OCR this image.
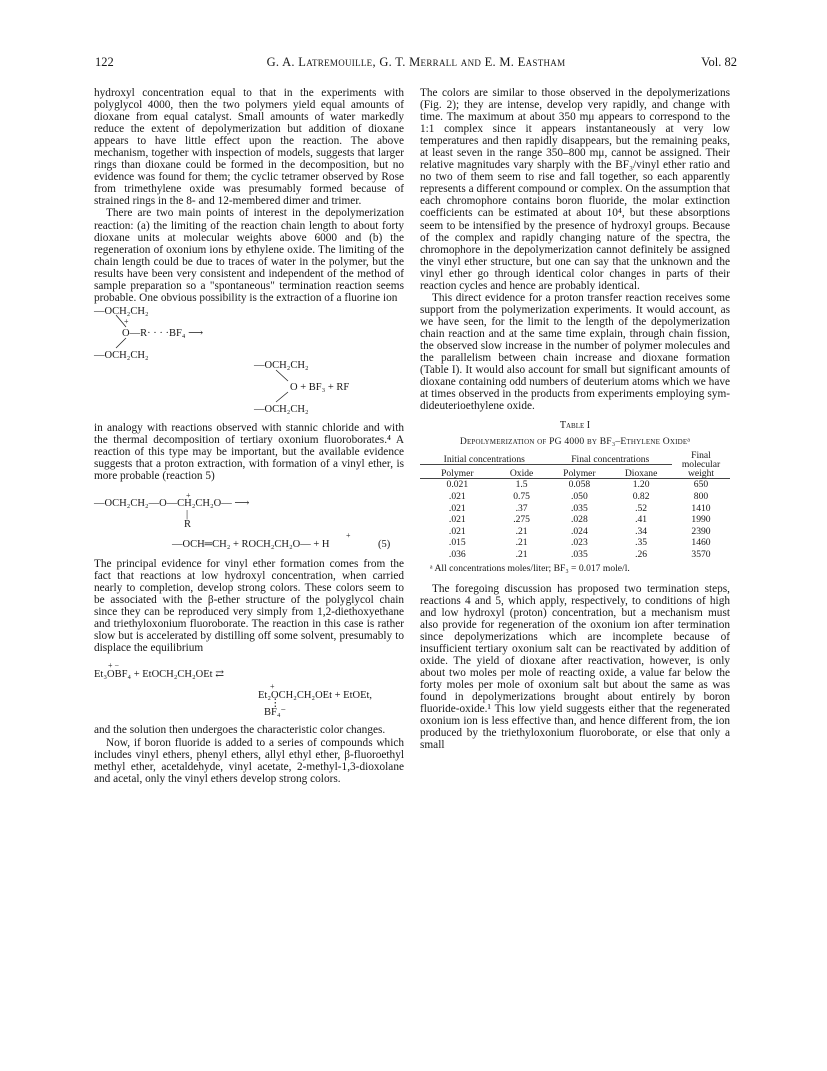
122	G. A. Latremouille, G. T. Merrall and E. M. Eastham	Vol. 82

hydroxyl concentration equal to that in the experiments with polyglycol 4000, then the two polymers yield equal amounts of dioxane from equal catalyst. Small amounts of water markedly reduce the extent of depolymerization but addition of dioxane appears to have little effect upon the reaction. The above mechanism, together with inspection of models, suggests that larger rings than dioxane could be formed in the decomposition, but no evidence was found for them; the cyclic tetramer observed by Rose from trimethylene oxide was presumably formed because of strained rings in the 8- and 12-membered dimer and trimer.

There are two main points of interest in the depolymerization reaction: (a) the limiting of the reaction chain length to about forty dioxane units at molecular weights above 6000 and (b) the regeneration of oxonium ions by ethylene oxide. The limiting of the chain length could be due to traces of water in the polymer, but the results have been very consistent and independent of the method of sample preparation so a "spontaneous" termination reaction seems probable. One obvious possibility is the extraction of a fluorine ion

—OCH₂CH₂
+
O—R· · · ·BF₄ ⟶
—OCH₂CH₂
—OCH₂CH₂
O + BF₃ + RF
—OCH₂CH₂

in analogy with reactions observed with stannic chloride and with the thermal decomposition of tertiary oxonium fluoroborates.⁴ A reaction of this type may be important, but the available evidence suggests that a proton extraction, with formation of a vinyl ether, is more probable (reaction 5)

+
—OCH₂CH₂—O—CH₂CH₂O— ⟶
|
R
+
—OCH═CH₂ + ROCH₂CH₂O— + H	(5)

The principal evidence for vinyl ether formation comes from the fact that reactions at low hydroxyl concentration, when carried nearly to completion, develop strong colors. These colors seem to be associated with the β-ether structure of the polyglycol chain since they can be reproduced very simply from 1,2-diethoxyethane and triethyloxonium fluoroborate. The reaction in this case is rather slow but is accelerated by distilling off some solvent, presumably to displace the equilibrium

+ −
Et₃OBF₄ + EtOCH₂CH₂OEt ⇄
+
Et₂OCH₂CH₂OEt + EtOEt,
⋮
BF₄⁻

and the solution then undergoes the characteristic color changes.

Now, if boron fluoride is added to a series of compounds which includes vinyl ethers, phenyl ethers, allyl ethyl ether, β-fluoroethyl methyl ether, acetaldehyde, vinyl acetate, 2-methyl-1,3-dioxolane and acetal, only the vinyl ethers develop strong colors.

The colors are similar to those observed in the depolymerizations (Fig. 2); they are intense, develop very rapidly, and change with time. The maximum at about 350 mμ appears to correspond to the 1:1 complex since it appears instantaneously at very low temperatures and then rapidly disappears, but the remaining peaks, at least seven in the range 350–800 mμ, cannot be assigned. Their relative magnitudes vary sharply with the BF₃/vinyl ether ratio and no two of them seem to rise and fall together, so each apparently represents a different compound or complex. On the assumption that each chromophore contains boron fluoride, the molar extinction coefficients can be estimated at about 10⁴, but these absorptions seem to be intensified by the presence of hydroxyl groups. Because of the complex and rapidly changing nature of the spectra, the chromophore in the depolymerization cannot definitely be assigned the vinyl ether structure, but one can say that the unknown and the vinyl ether go through identical color changes in parts of their reaction cycles and hence are probably identical.

This direct evidence for a proton transfer reaction receives some support from the polymerization experiments. It would account, as we have seen, for the limit to the length of the depolymerization chain reaction and at the same time explain, through chain fission, the observed slow increase in the number of polymer molecules and the parallelism between chain increase and dioxane formation (Table I). It would also account for small but significant amounts of dioxane containing odd numbers of deuterium atoms which we have at times observed in the products from experiments employing sym-dideuterioethylene oxide.

Table I
Depolymerization of PG 4000 by BF₃–Ethylene Oxideᵃ
Initial concentrations		Final concentrations		Final molecular weight
Polymer	Oxide	Polymer	Dioxane	
0.021	1.5	0.058	1.20	650
.021	0.75	.050	0.82	800
.021	.37	.035	.52	1410
.021	.275	.028	.41	1990
.021	.21	.024	.34	2390
.015	.21	.023	.35	1460
.036	.21	.035	.26	3570
ᵃ All concentrations moles/liter; BF₃ = 0.017 mole/l.

The foregoing discussion has proposed two termination steps, reactions 4 and 5, which apply, respectively, to conditions of high and low hydroxyl (proton) concentration, but a mechanism must also provide for regeneration of the oxonium ion after termination since depolymerizations which are incomplete because of insufficient tertiary oxonium salt can be reactivated by addition of oxide. The yield of dioxane after reactivation, however, is only about two moles per mole of reacting oxide, a value far below the forty moles per mole of oxonium salt but about the same as was found in depolymerizations brought about entirely by boron fluoride-oxide.¹ This low yield suggests either that the regenerated oxonium ion is less effective than, and hence different from, the ion produced by the triethyloxonium fluoroborate, or else that only a small
